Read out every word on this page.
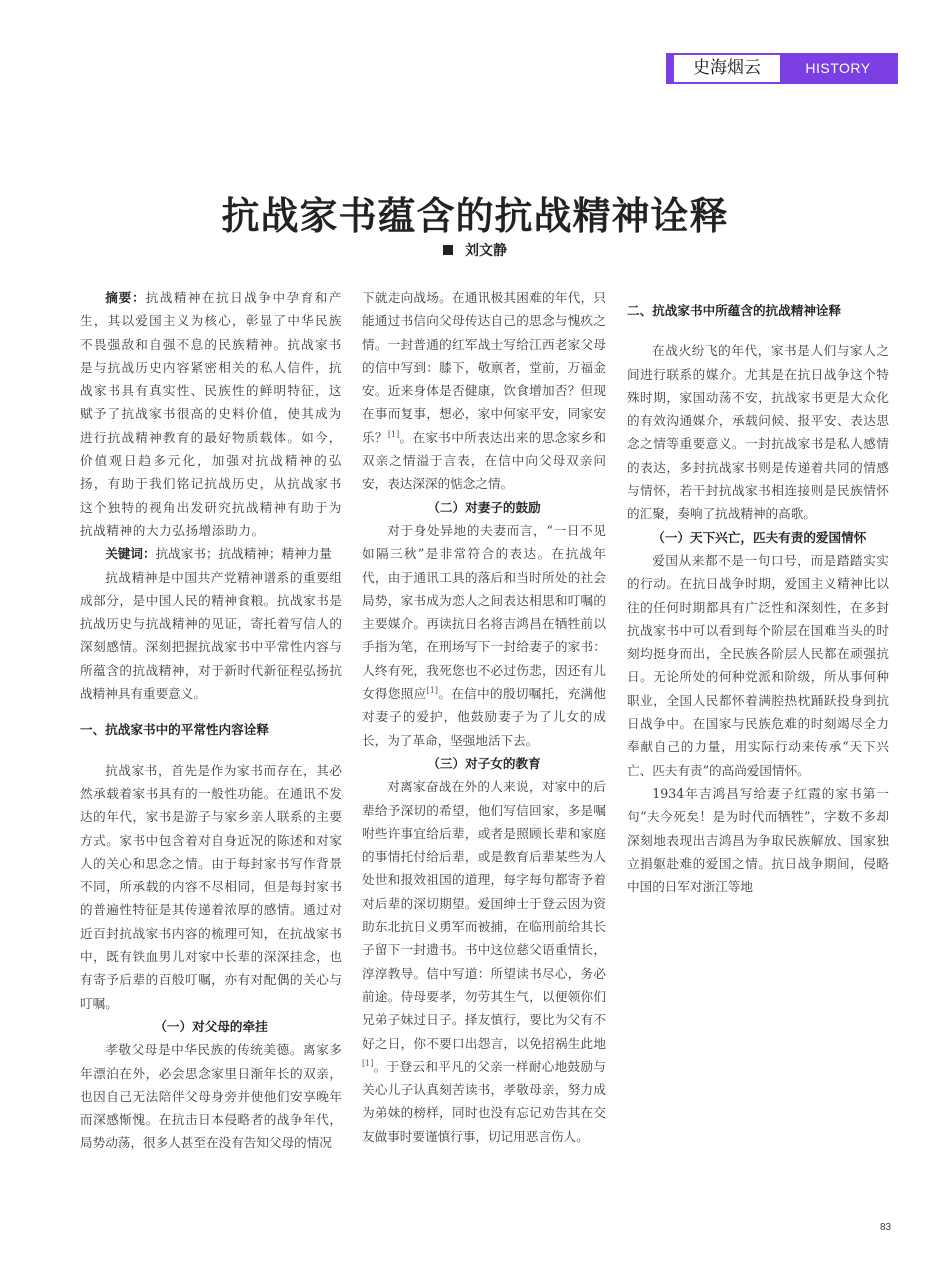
史海烟云	HISTORY
抗战家书蕴含的抗战精神诠释
刘文静

摘要：抗战精神在抗日战争中孕育和产生，其以爱国主义为核心，彰显了中华民族不畏强敌和自强不息的民族精神。抗战家书是与抗战历史内容紧密相关的私人信件，抗战家书具有真实性、民族性的鲜明特征，这赋予了抗战家书很高的史料价值，使其成为进行抗战精神教育的最好物质载体。如今，价值观日趋多元化，加强对抗战精神的弘扬，有助于我们铭记抗战历史，从抗战家书这个独特的视角出发研究抗战精神有助于为抗战精神的大力弘扬增添助力。

关键词：抗战家书；抗战精神；精神力量

抗战精神是中国共产党精神谱系的重要组成部分，是中国人民的精神食粮。抗战家书是抗战历史与抗战精神的见证，寄托着写信人的深刻感情。深刻把握抗战家书中平常性内容与所蕴含的抗战精神，对于新时代新征程弘扬抗战精神具有重要意义。

一、抗战家书中的平常性内容诠释

抗战家书，首先是作为家书而存在，其必然承载着家书具有的一般性功能。在通讯不发达的年代，家书是游子与家乡亲人联系的主要方式。家书中包含着对自身近况的陈述和对家人的关心和思念之情。由于每封家书写作背景不同，所承载的内容不尽相同，但是每封家书的普遍性特征是其传递着浓厚的感情。通过对近百封抗战家书内容的梳理可知，在抗战家书中，既有铁血男儿对家中长辈的深深挂念，也有寄予后辈的百般叮嘱，亦有对配偶的关心与叮嘱。

（一）对父母的牵挂

孝敬父母是中华民族的传统美德。离家多年漂泊在外，必会思念家里日渐年长的双亲，也因自己无法陪伴父母身旁并使他们安享晚年而深感惭愧。在抗击日本侵略者的战争年代，局势动荡，很多人甚至在没有告知父母的情况

下就走向战场。在通讯极其困难的年代，只能通过书信向父母传达自己的思念与愧疚之情。一封普通的红军战士写给江西老家父母的信中写到：膝下，敬禀者，堂前，万福金安。近来身体是否健康，饮食增加否？但现在事而复事，想必，家中何家平安，同家安乐？[1]。在家书中所表达出来的思念家乡和双亲之情溢于言表，在信中向父母双亲问安，表达深深的惦念之情。

（二）对妻子的鼓励

对于身处异地的夫妻而言，“一日不见如隔三秋”是非常符合的表达。在抗战年代，由于通讯工具的落后和当时所处的社会局势，家书成为恋人之间表达相思和叮嘱的主要媒介。再读抗日名将吉鸿昌在牺牲前以手指为笔，在刑场写下一封给妻子的家书：人终有死，我死您也不必过伤悲，因还有儿女得您照应[1]。在信中的殷切嘱托，充满他对妻子的爱护，他鼓励妻子为了儿女的成长，为了革命，坚强地活下去。

（三）对子女的教育

对离家奋战在外的人来说，对家中的后辈给予深切的希望，他们写信回家，多是嘱咐些许事宜给后辈，或者是照顾长辈和家庭的事情托付给后辈，或是教育后辈某些为人处世和报效祖国的道理，每字每句都寄予着对后辈的深切期望。爱国绅士于登云因为资助东北抗日义勇军而被捕，在临刑前给其长子留下一封遗书。书中这位慈父语重情长，淳淳教导。信中写道：所望读书尽心，务必前途。侍母要孝，勿劳其生气，以便领你们兄弟子妹过日子。择友慎行，要比为父有不好之日，你不要口出怨言，以免招祸生此地[1]。于登云和平凡的父亲一样耐心地鼓励与关心儿子认真刻苦读书，孝敬母亲，努力成为弟妹的榜样，同时也没有忘记劝告其在交友做事时要谨慎行事，切记用恶言伤人。

二、抗战家书中所蕴含的抗战精神诠释

在战火纷飞的年代，家书是人们与家人之间进行联系的媒介。尤其是在抗日战争这个特殊时期，家国动荡不安，抗战家书更是大众化的有效沟通媒介，承载问候、报平安、表达思念之情等重要意义。一封抗战家书是私人感情的表达，多封抗战家书则是传递着共同的情感与情怀，若干封抗战家书相连接则是民族情怀的汇聚，奏响了抗战精神的高歌。

（一）天下兴亡，匹夫有责的爱国情怀

爱国从来都不是一句口号，而是踏踏实实的行动。在抗日战争时期，爱国主义精神比以往的任何时期都具有广泛性和深刻性，在多封抗战家书中可以看到每个阶层在国难当头的时刻均挺身而出，全民族各阶层人民都在顽强抗日。无论所处的何种党派和阶级，所从事何种职业，全国人民都怀着满腔热枕踊跃投身到抗日战争中。在国家与民族危难的时刻竭尽全力奉献自己的力量，用实际行动来传承“天下兴亡、匹夫有责”的高尚爱国情怀。

1934年吉鸿昌写给妻子红霞的家书第一句“夫今死矣！是为时代而牺牲”，字数不多却深刻地表现出吉鸿昌为争取民族解放、国家独立捐躯赴难的爱国之情。抗日战争期间，侵略中国的日军对浙江等地

83
